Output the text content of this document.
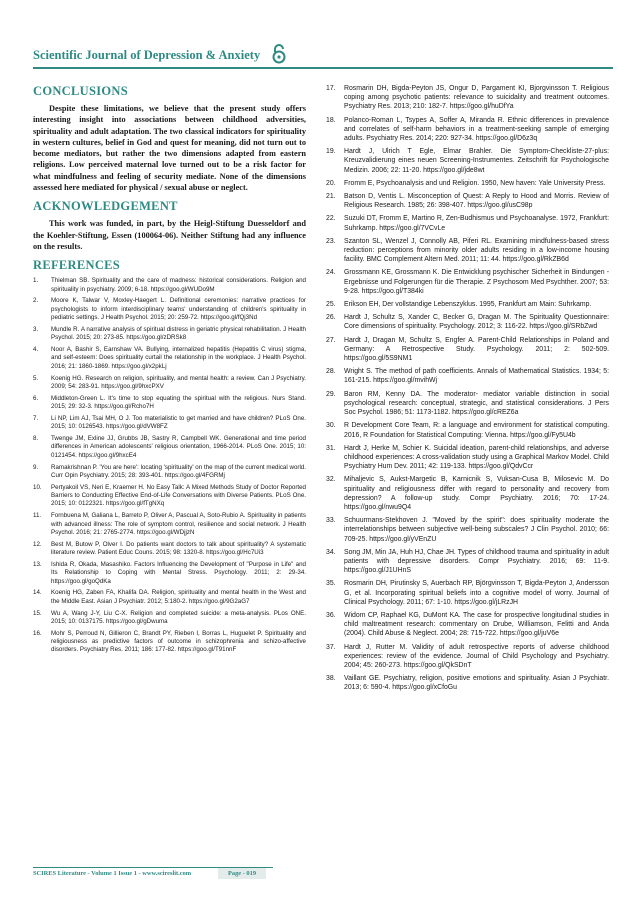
Scientific Journal of Depression & Anxiety
CONCLUSIONS

Despite these limitations, we believe that the present study offers interesting insight into associations between childhood adversities, spirituality and adult adaptation. The two classical indicators for spirituality in western cultures, belief in God and quest for meaning, did not turn out to become mediators, but rather the two dimensions adapted from eastern religions. Low perceived maternal love turned out to be a risk factor for what mindfulness and feeling of security mediate. None of the dimensions assessed here mediated for physical / sexual abuse or neglect.

ACKNOWLEDGEMENT

This work was funded, in part, by the Heigl-Stiftung Duesseldorf and the Koehler-Stiftung, Essen (100064-06). Neither Stiftung had any influence on the results.

REFERENCES
1.	Thielman SB. Spirituality and the care of madness: historical considerations. Religion and spirituality in psychiatry. 2009; 6-18. https://goo.gl/WUDo9M
2.	Moore K, Talwar V, Moxley-Haegert L. Definitional ceremonies: narrative practices for psychologists to inform interdisciplinary teams' understanding of children's spirituality in pediatric settings. J Health Psychol. 2015; 20: 259-72. https://goo.gl/fQj3Nd
3.	Mundle R. A narrative analysis of spiritual distress in geriatric physical rehabilitation. J Health Psychol. 2015; 20: 273-85. https://goo.gl/zDRSk8
4.	Noor A, Bashir S, Earnshaw VA. Bullying, internalized hepatitis (Hepatitis C virus) stigma, and self-esteem: Does spirituality curtail the relationship in the workplace. J Health Psychol. 2016; 21: 1860-1869. https://goo.gl/x2pkLj
5.	Koenig HG. Research on religion, spirituality, and mental health: a review. Can J Psychiatry. 2009; 54: 283-91. https://goo.gl/9hxcPXV
6.	Middleton-Green L. It's time to stop equating the spiritual with the religious. Nurs Stand. 2015; 29: 32-3. https://goo.gl/Rcho7H
7.	Li NP, Lim AJ, Tsai MH, O J. Too materialistic to get married and have children? PLoS One. 2015; 10: 0126543. https://goo.gl/dVW8FZ
8.	Twenge JM, Exline JJ, Grubbs JB, Sastry R, Campbell WK. Generational and time period differences in American adolescents' religious orientation, 1966-2014. PLoS One. 2015; 10: 0121454. https://goo.gl/9hxcE4
9.	Ramakrishnan P. 'You are here': locating 'spirituality' on the map of the current medical world. Curr Opin Psychiatry. 2015; 28: 393-401. https://goo.gl/4FGRMj
10.	Pertyakoil VS, Neri E, Kraemer H. No Easy Talk: A Mixed Methods Study of Doctor Reported Barriers to Conducting Effective End-of-Life Conversations with Diverse Patients. PLoS One. 2015; 10: 0122321. https://goo.gl/fTgNXq
11.	Fornbuena M, Galiana L, Barreto P, Oliver A, Pascual A, Soto-Rubio A. Spirituality in patients with advanced illness: The role of symptom control, resilience and social network. J Health Psychol. 2016; 21: 2765-2774. https://goo.gl/WDjjzN
12.	Best M, Butow P, Olver I. Do patients want doctors to talk about spirituality? A systematic literature review. Patient Educ Couns. 2015; 98: 1320-8. https://goo.gl/Hc7Ui3
13.	Ishida R, Okada, Masashiko. Factors Influencing the Development of "Purpose in Life" and Its Relationship to Coping with Mental Stress. Psychology. 2011; 2: 29-34. https://goo.gl/goQdKa
14.	Koenig HG, Zaben FA, Khalifa DA. Religion, spirituality and mental health in the West and the Middle East. Asian J Psychiatr. 2012; 5:180-2. https://goo.gl/9G2aG7
15.	Wu A, Wang J-Y, Liu C-X. Religion and completed suicide: a meta-analysis. PLos ONE. 2015; 10: 0137175. https://goo.gl/gDwuma
16.	Mohr S, Perroud N, Gillieron C, Brandt PY, Rieben I, Borras L, Huguelet P. Spirituality and religiousness as predictive factors of outcome in schizophrenia and schizo-affective disorders. Psychiatry Res. 2011; 186: 177-82. https://goo.gl/T91nnF
17.	Rosmarin DH, Bigda-Peyton JS, Ongur D, Pargament KI, Bjorgvinsson T. Religious coping among psychotic patients: relevance to suicidality and treatment outcomes. Psychiatry Res. 2013; 210: 182-7. https://goo.gl/huDfYa
18.	Polanco-Roman L, Tsypes A, Soffer A, Miranda R. Ethnic differences in prevalence and correlates of self-harm behaviors in a treatment-seeking sample of emerging adults. Psychiatry Res. 2014; 220: 927-34. https://goo.gl/D6z3q
19.	Hardt J, Ulrich T Egle, Elmar Brahler. Die Symptom-Checkliste-27-plus: Kreuzvalidierung eines neuen Screening-Instrumentes. Zeitschrift für Psychologische Medizin. 2006; 22: 11-20. https://goo.gl/jde8wt
20.	Fromm E, Psychoanalysis and und Religion. 1950, New haven: Yale University Press.
21.	Batson D, Ventis L. Misconception of Quest: A Reply to Hood and Morris. Review of Religious Research. 1985; 26: 398-407. https://goo.gl/usC98p
22.	Suzuki DT, Fromm E, Martino R, Zen-Budhismus und Psychoanalyse. 1972, Frankfurt: Suhrkamp. https://goo.gl/7VCvLe
23.	Szanton SL, Wenzel J, Connolly AB, Piferi RL. Examining mindfulness-based stress reduction: perceptions from minority older adults residing in a low-income housing facility. BMC Complement Altern Med. 2011; 11: 44. https://goo.gl/RkZB6d
24.	Grossmann KE, Grossmann K. Die Entwicklung psychischer Sicherheit in Bindungen - Ergebnisse und Folgerungen für die Therapie. Z Psychosom Med Psychther. 2007; 53: 9-28. https://goo.gl/T384ki
25.	Erikson EH, Der vollstandige Lebenszyklus. 1995, Frankfurt am Main: Suhrkamp.
26.	Hardt J, Schultz S, Xander C, Becker G, Dragan M. The Spirituality Questionnaire: Core dimensions of spirituality. Psychology. 2012; 3: 116-22. https://goo.gl/SRbZwd
27.	Hardt J, Dragan M, Schultz S, Engfer A. Parent-Child Relationships in Poland and Germany: A Retrospective Study. Psychology. 2011; 2: 502-509. https://goo.gl/5S9NM1
28.	Wright S. The method of path coefficients. Annals of Mathematical Statistics. 1934; 5: 161-215. https://goo.gl/mvihWj
29.	Baron RM, Kenny DA. The moderator- mediator variable distinction in social psychological research: conceptual, strategic, and statistical considerations. J Pers Soc Psychol. 1986; 51: 1173-1182. https://goo.gl/cREZ6a
30.	R Development Core Team, R: a language and environment for statistical computing. 2016, R Foundation for Statistical Computing: Vienna. https://goo.gl/Fy5U4b
31.	Hardt J, Herke M, Schier K. Suicidal ideation, parent-child relationships, and adverse childhood experiences: A cross-validation study using a Graphical Markov Model. Child Psychiatry Hum Dev. 2011; 42: 119-133. https://goo.gl/QdvCcr
32.	Mihaljevic S, Aukst-Margetic B, Karnicnik S, Vuksan-Cusa B, Milosevic M. Do spirituality and religiousness differ with regard to personality and recovery from depression? A follow-up study. Compr Psychiatry. 2016; 70: 17-24. https://goo.gl/nwu9Q4
33.	Schuurmans-Stekhoven J. "Moved by the spirit": does spirituality moderate the interrelationships between subjective well-being subscales? J Clin Psychol. 2010; 66: 709-25. https://goo.gl/yVEnZU
34.	Song JM, Min JA, Huh HJ, Chae JH. Types of childhood trauma and spirituality in adult patients with depressive disorders. Compr Psychiatry. 2016; 69: 11-9. https://goo.gl/J1UHnS
35.	Rosmarin DH, Pirutinsky S, Auerbach RP, Björgvinsson T, Bigda-Peyton J, Andersson G, et al. Incorporating spiritual beliefs into a cognitive model of worry. Journal of Clinical Psychology. 2011; 67: 1-10. https://goo.gl/jLRzJH
36.	Widom CP, Raphael KG, DuMont KA. The case for prospective longitudinal studies in child maltreatment research: commentary on Drube, Williamson, Felitti and Anda (2004). Child Abuse & Neglect. 2004; 28: 715-722. https://goo.gl/juV6e
37.	Hardt J, Rutter M. Validity of adult retrospective reports of adverse childhood experiences: review of the evidence. Journal of Child Psychology and Psychiatry. 2004; 45: 260-273. https://goo.gl/QkSDnT
38.	Vaillant GE. Psychiatry, religion, positive emotions and spirituality. Asian J Psychiatr. 2013; 6: 590-4. https://goo.gl/xCfoGu
SCIRES Literature - Volume 1 Issue 1 - www.scireslit.com	Page - 019
